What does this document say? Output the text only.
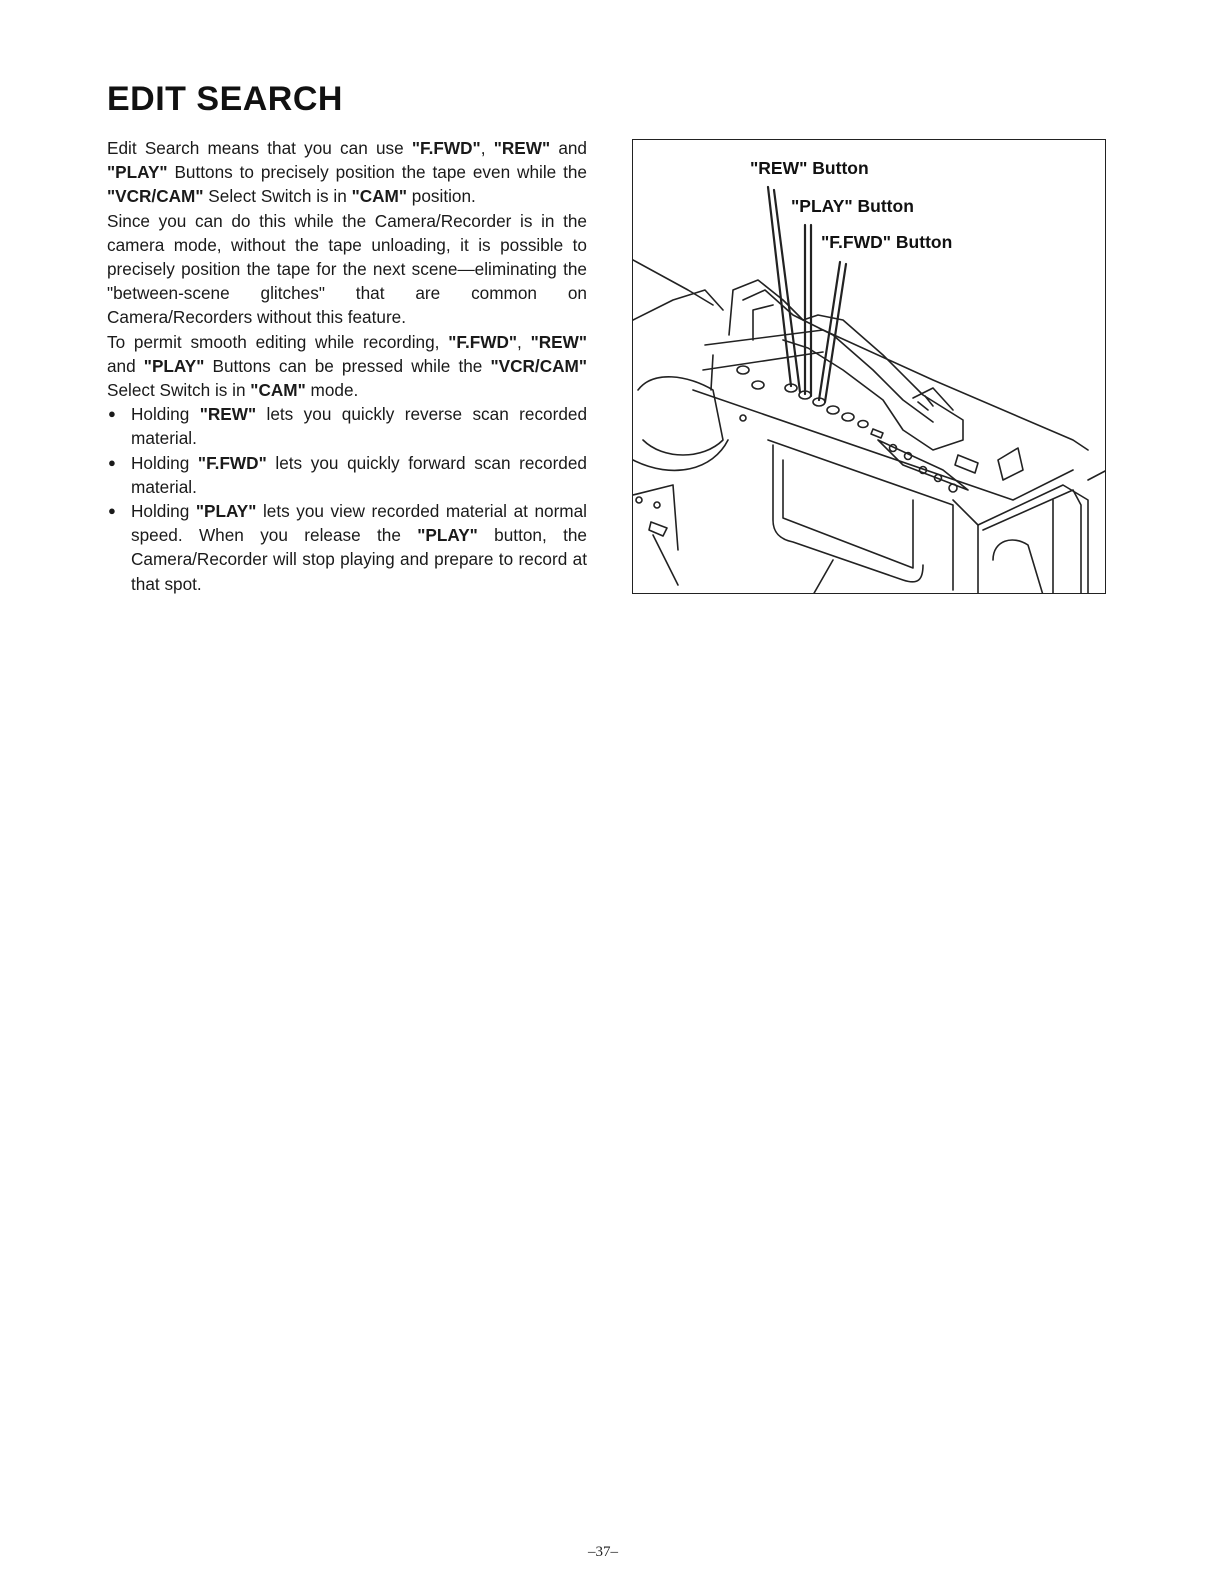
EDIT SEARCH

Edit Search means that you can use "F.FWD", "REW" and "PLAY" Buttons to precisely position the tape even while the "VCR/CAM" Select Switch is in "CAM" position.

Since you can do this while the Camera/Recorder is in the camera mode, without the tape unloading, it is possible to precisely position the tape for the next scene—eliminating the "between-scene glitches" that are common on Camera/Recorders without this feature.

To permit smooth editing while recording, "F.FWD", "REW" and "PLAY" Buttons can be pressed while the "VCR/CAM" Select Switch is in "CAM" mode.

● Holding "REW" lets you quickly reverse scan recorded material.
● Holding "F.FWD" lets you quickly forward scan recorded material.
● Holding "PLAY" lets you view recorded material at normal speed. When you release the "PLAY" button, the Camera/Recorder will stop playing and prepare to record at that spot.
"REW" Button
"PLAY" Button
"F.FWD" Button
–37–
